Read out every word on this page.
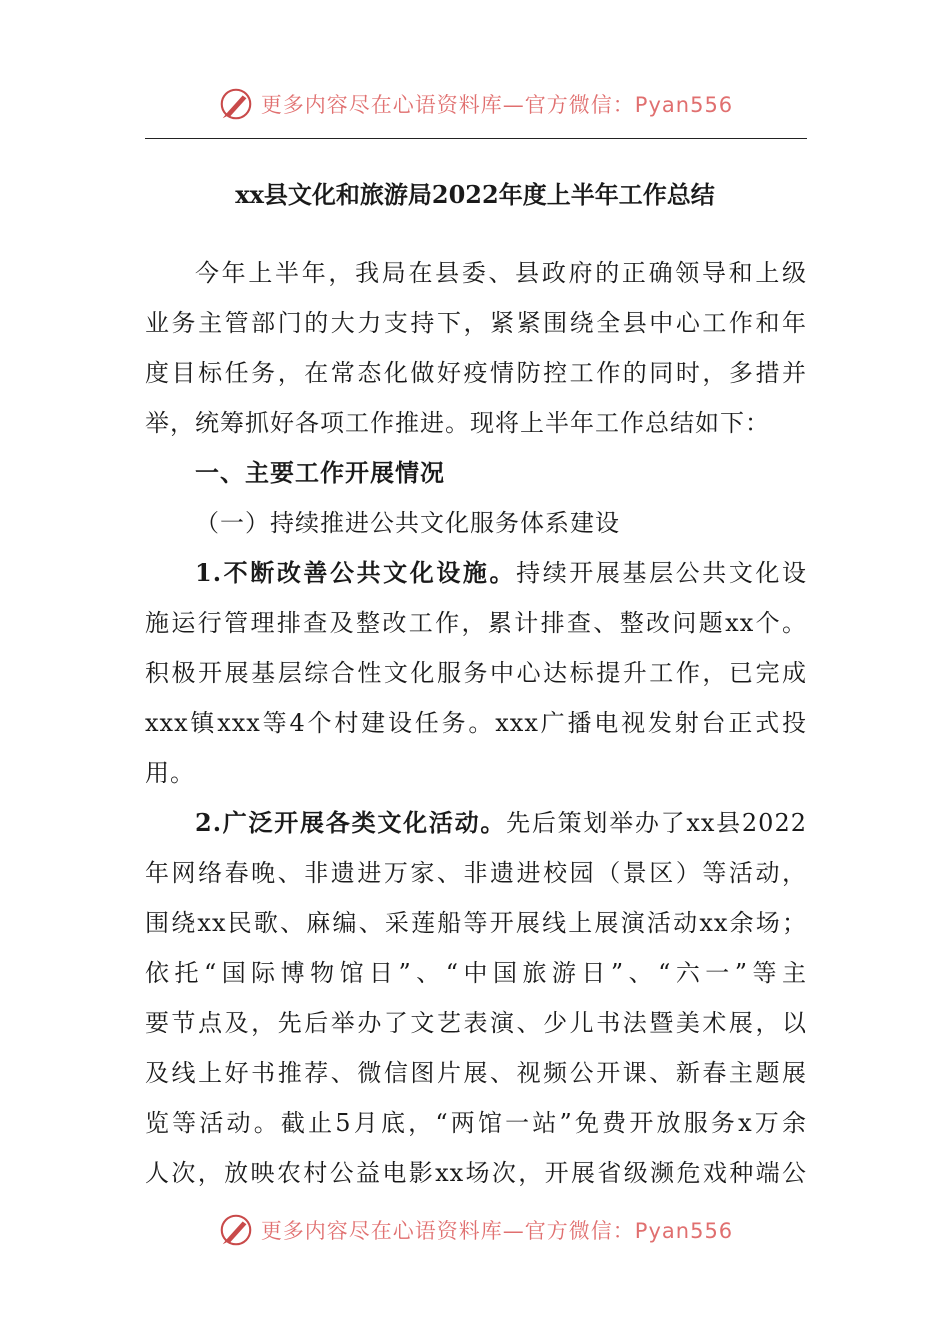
更多内容尽在心语资料库—官方微信：Pyan556
xx县文化和旅游局2022年度上半年工作总结
今年上半年，我局在县委、县政府的正确领导和上级
业务主管部门的大力支持下，紧紧围绕全县中心工作和年
度目标任务，在常态化做好疫情防控工作的同时，多措并
举，统筹抓好各项工作推进。现将上半年工作总结如下：
一、主要工作开展情况
（一）持续推进公共文化服务体系建设
1.不断改善公共文化设施。持续开展基层公共文化设
施运行管理排查及整改工作，累计排查、整改问题xx个。
积极开展基层综合性文化服务中心达标提升工作，已完成
xxx镇xxx等4个村建设任务。xxx广播电视发射台正式投
用。
2.广泛开展各类文化活动。先后策划举办了xx县2022
年网络春晚、非遗进万家、非遗进校园（景区）等活动，
围绕xx民歌、麻编、采莲船等开展线上展演活动xx余场；
依托“国际博物馆日”、“中国旅游日”、“六一”等主
要节点及，先后举办了文艺表演、少儿书法暨美术展，以
及线上好书推荐、微信图片展、视频公开课、新春主题展
览等活动。截止5月底，“两馆一站”免费开放服务x万余
人次，放映农村公益电影xx场次，开展省级濒危戏种端公
更多内容尽在心语资料库—官方微信：Pyan556
